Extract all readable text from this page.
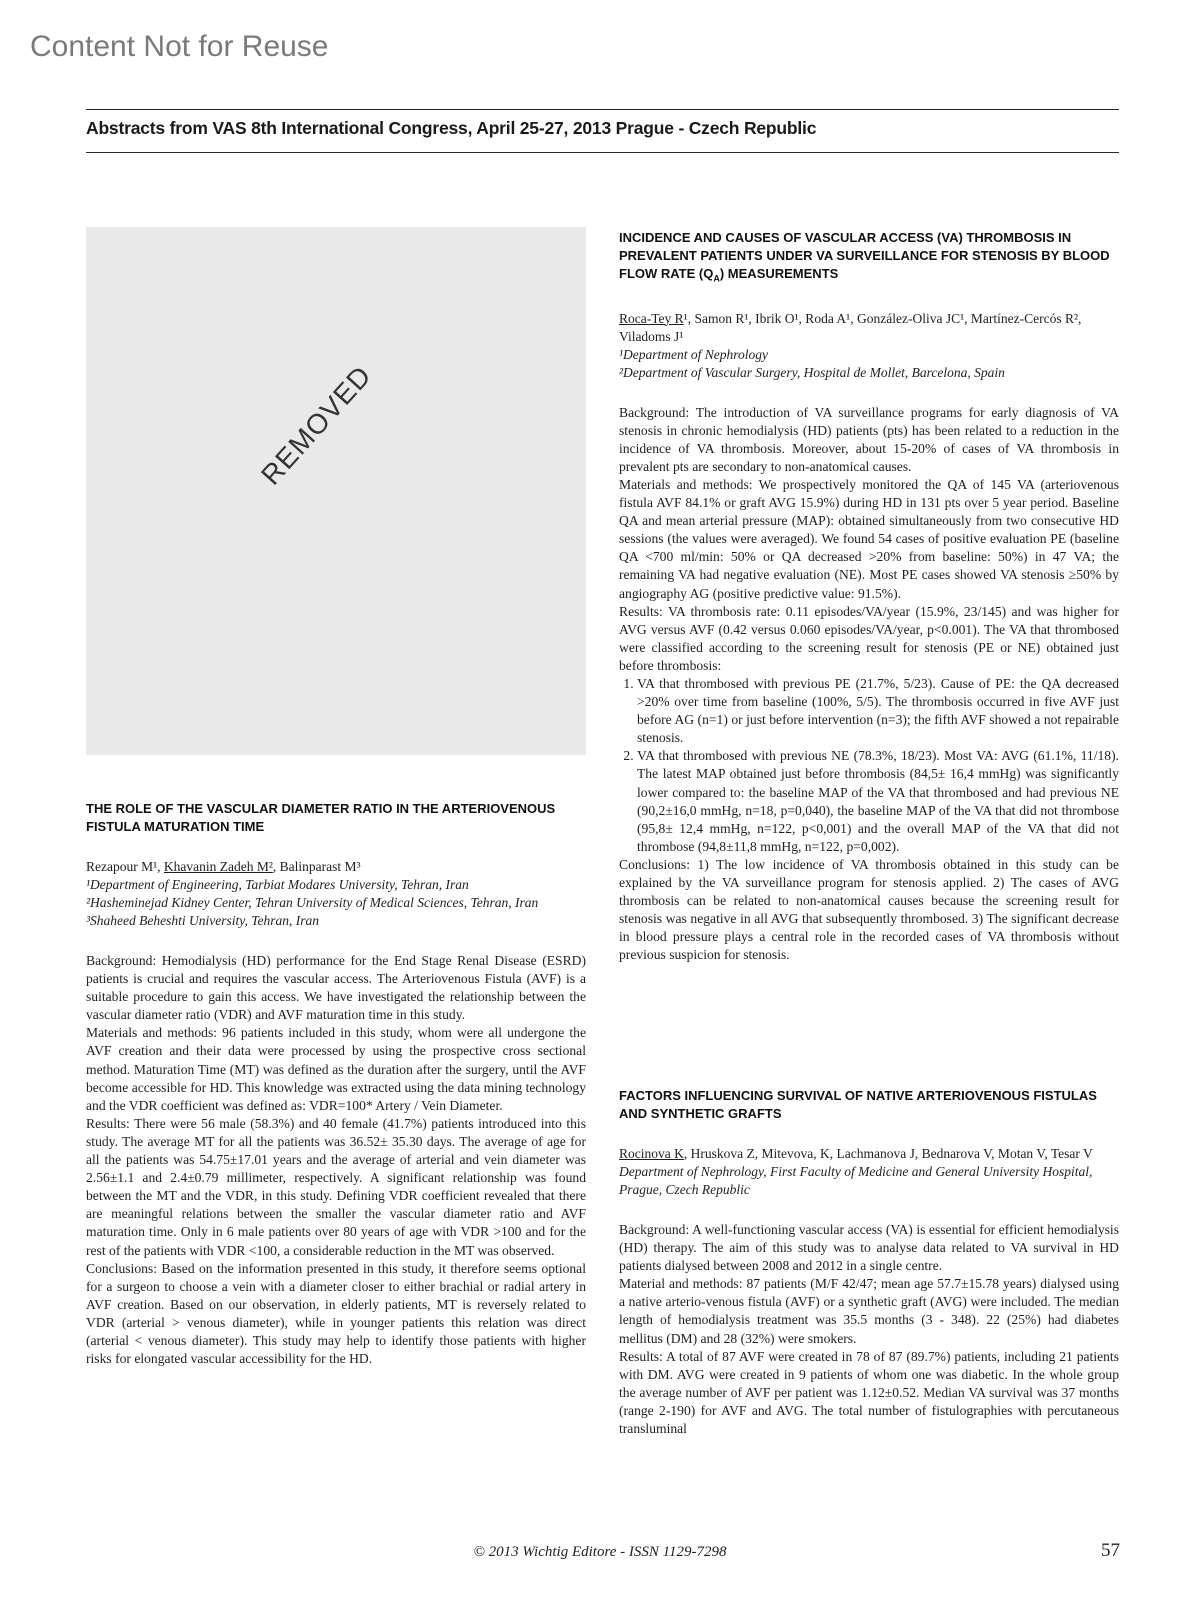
Content Not for Reuse
Abstracts from VAS 8th International Congress, April 25-27, 2013 Prague - Czech Republic
REMOVED

THE ROLE OF THE VASCULAR DIAMETER RATIO IN THE ARTERIOVENOUS FISTULA MATURATION TIME

Rezapour M¹, Khavanin Zadeh M², Balinparast M³

¹Department of Engineering, Tarbiat Modares University, Tehran, Iran

²Hasheminejad Kidney Center, Tehran University of Medical Sciences, Tehran, Iran

³Shaheed Beheshti University, Tehran, Iran

Background: Hemodialysis (HD) performance for the End Stage Renal Disease (ESRD) patients is crucial and requires the vascular access. The Arteriovenous Fistula (AVF) is a suitable procedure to gain this access. We have investigated the relationship between the vascular diameter ratio (VDR) and AVF maturation time in this study.

Materials and methods: 96 patients included in this study, whom were all undergone the AVF creation and their data were processed by using the prospective cross sectional method. Maturation Time (MT) was defined as the duration after the surgery, until the AVF become accessible for HD. This knowledge was extracted using the data mining technology and the VDR coefficient was defined as: VDR=100* Artery / Vein Diameter.

Results: There were 56 male (58.3%) and 40 female (41.7%) patients introduced into this study. The average MT for all the patients was 36.52± 35.30 days. The average of age for all the patients was 54.75±17.01 years and the average of arterial and vein diameter was 2.56±1.1 and 2.4±0.79 millimeter, respectively. A significant relationship was found between the MT and the VDR, in this study. Defining VDR coefficient revealed that there are meaningful relations between the smaller the vascular diameter ratio and AVF maturation time. Only in 6 male patients over 80 years of age with VDR >100 and for the rest of the patients with VDR <100, a considerable reduction in the MT was observed.

Conclusions: Based on the information presented in this study, it therefore seems optional for a surgeon to choose a vein with a diameter closer to either brachial or radial artery in AVF creation. Based on our observation, in elderly patients, MT is reversely related to VDR (arterial > venous diameter), while in younger patients this relation was direct (arterial < venous diameter). This study may help to identify those patients with higher risks for elongated vascular accessibility for the HD.

INCIDENCE AND CAUSES OF VASCULAR ACCESS (VA) THROMBOSIS IN PREVALENT PATIENTS UNDER VA SURVEILLANCE FOR STENOSIS BY BLOOD FLOW RATE $(Q_A)$ MEASUREMENTS

Roca-Tey R¹, Samon R¹, Ibrik O¹, Roda A¹, González-Oliva JC¹, Martínez-Cercós R², Viladoms J¹

¹Department of Nephrology

²Department of Vascular Surgery, Hospital de Mollet, Barcelona, Spain

Background: The introduction of VA surveillance programs for early diagnosis of VA stenosis in chronic hemodialysis (HD) patients (pts) has been related to a reduction in the incidence of VA thrombosis. Moreover, about 15-20% of cases of VA thrombosis in prevalent pts are secondary to non-anatomical causes.

Materials and methods: We prospectively monitored the QA of 145 VA (arteriovenous fistula AVF 84.1% or graft AVG 15.9%) during HD in 131 pts over 5 year period. Baseline QA and mean arterial pressure (MAP): obtained simultaneously from two consecutive HD sessions (the values were averaged). We found 54 cases of positive evaluation PE (baseline QA <700 ml/min: 50% or QA decreased >20% from baseline: 50%) in 47 VA; the remaining VA had negative evaluation (NE). Most PE cases showed VA stenosis ≥50% by angiography AG (positive predictive value: 91.5%).

Results: VA thrombosis rate: 0.11 episodes/VA/year (15.9%, 23/145) and was higher for AVG versus AVF (0.42 versus 0.060 episodes/VA/year, p<0.001). The VA that thrombosed were classified according to the screening result for stenosis (PE or NE) obtained just before thrombosis:

1. VA that thrombosed with previous PE (21.7%, 5/23). Cause of PE: the QA decreased >20% over time from baseline (100%, 5/5). The thrombosis occurred in five AVF just before AG (n=1) or just before intervention (n=3); the fifth AVF showed a not repairable stenosis.
2. VA that thrombosed with previous NE (78.3%, 18/23). Most VA: AVG (61.1%, 11/18). The latest MAP obtained just before thrombosis (84,5± 16,4 mmHg) was significantly lower compared to: the baseline MAP of the VA that thrombosed and had previous NE (90,2±16,0 mmHg, n=18, p=0,040), the baseline MAP of the VA that did not thrombose (95,8± 12,4 mmHg, n=122, p<0,001) and the overall MAP of the VA that did not thrombose (94,8±11,8 mmHg, n=122, p=0,002).

Conclusions: 1) The low incidence of VA thrombosis obtained in this study can be explained by the VA surveillance program for stenosis applied. 2) The cases of AVG thrombosis can be related to non-anatomical causes because the screening result for stenosis was negative in all AVG that subsequently thrombosed. 3) The significant decrease in blood pressure plays a central role in the recorded cases of VA thrombosis without previous suspicion for stenosis.

FACTORS INFLUENCING SURVIVAL OF NATIVE ARTERIOVENOUS FISTULAS AND SYNTHETIC GRAFTS

Rocinova K, Hruskova Z, Mitevova, K, Lachmanova J, Bednarova V, Motan V, Tesar V

Department of Nephrology, First Faculty of Medicine and General University Hospital, Prague, Czech Republic

Background: A well-functioning vascular access (VA) is essential for efficient hemodialysis (HD) therapy. The aim of this study was to analyse data related to VA survival in HD patients dialysed between 2008 and 2012 in a single centre.

Material and methods: 87 patients (M/F 42/47; mean age 57.7±15.78 years) dialysed using a native arterio-venous fistula (AVF) or a synthetic graft (AVG) were included. The median length of hemodialysis treatment was 35.5 months (3 - 348). 22 (25%) had diabetes mellitus (DM) and 28 (32%) were smokers.

Results: A total of 87 AVF were created in 78 of 87 (89.7%) patients, including 21 patients with DM. AVG were created in 9 patients of whom one was diabetic. In the whole group the average number of AVF per patient was 1.12±0.52. Median VA survival was 37 months (range 2-190) for AVF and AVG. The total number of fistulographies with percutaneous transluminal

© 2013 Wichtig Editore - ISSN 1129-7298	57
